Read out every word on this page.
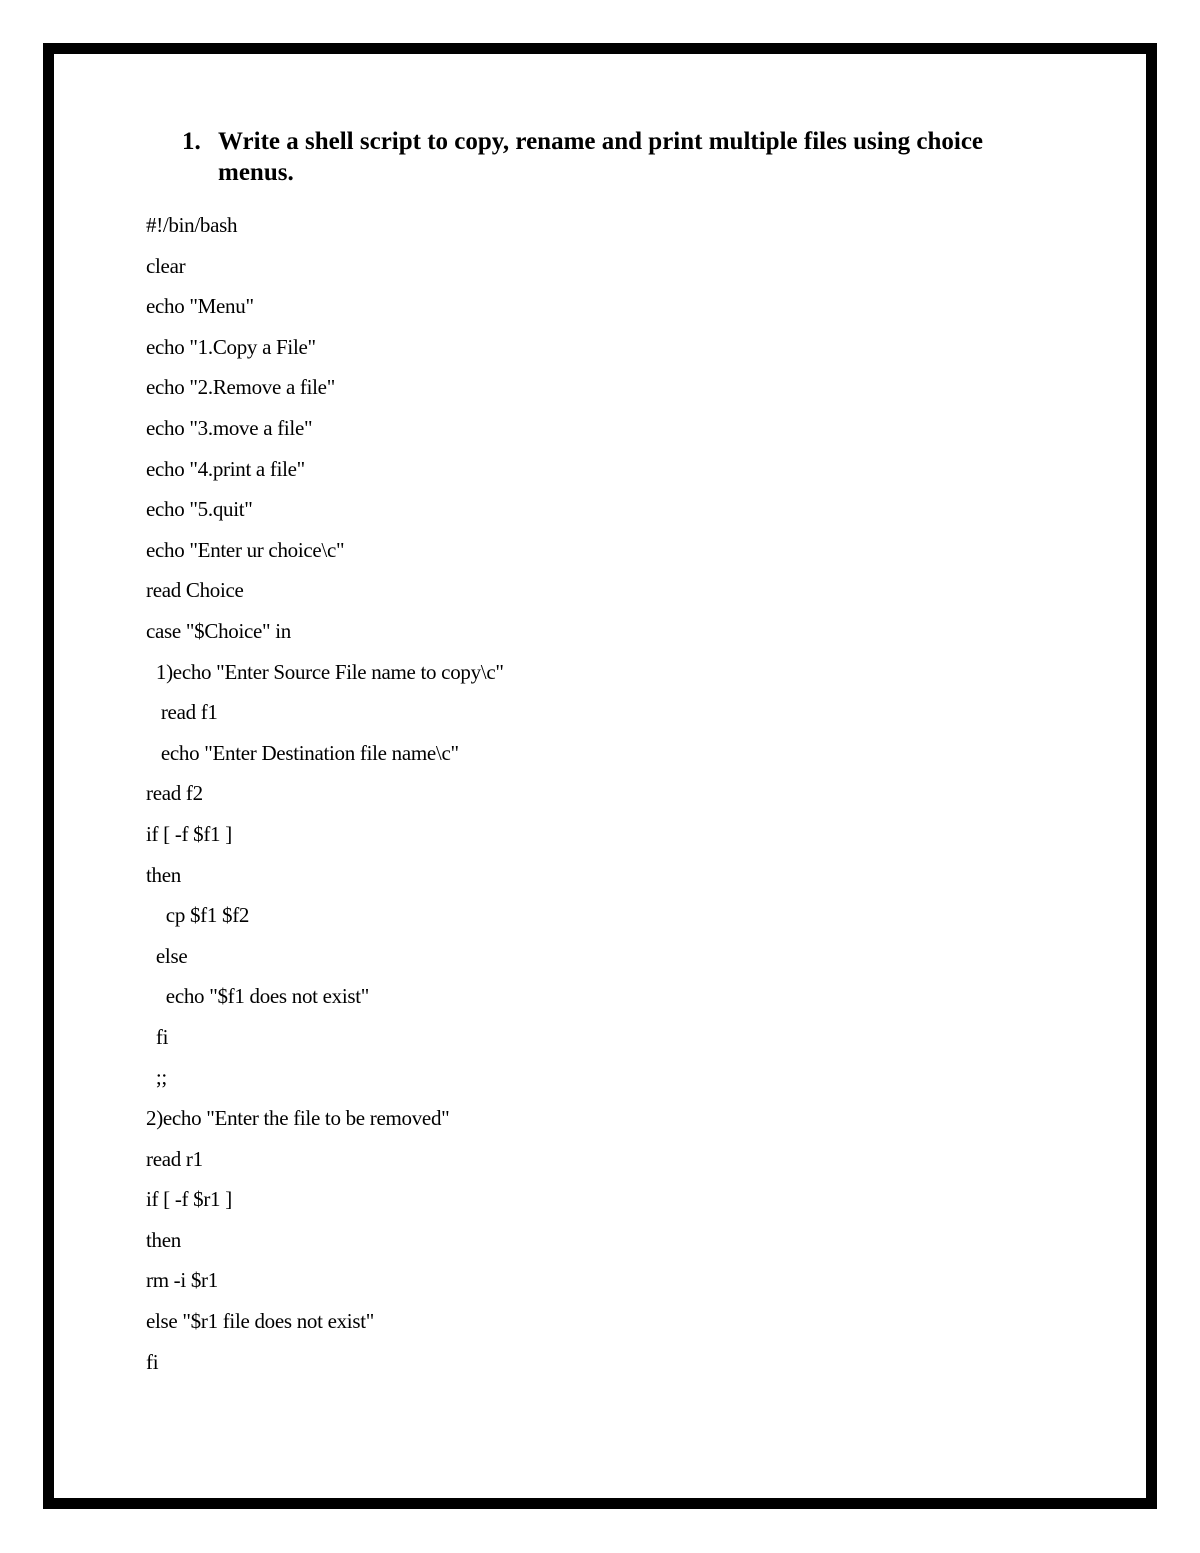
1. Write a shell script to copy, rename and print multiple files using choice menus.
#!/bin/bash
clear
echo "Menu"
echo "1.Copy a File"
echo "2.Remove a file"
echo "3.move a file"
echo "4.print a file"
echo "5.quit"
echo "Enter ur choice\c"
read Choice
case "$Choice" in
1)echo "Enter Source File name to copy\c"
read f1
echo "Enter Destination file name\c"
read f2
if [ -f $f1 ]
then
cp $f1 $f2
else
echo "$f1 does not exist"
fi
;;
2)echo "Enter the file to be removed"
read r1
if [ -f $r1 ]
then
rm -i $r1
else "$r1 file does not exist"
fi
